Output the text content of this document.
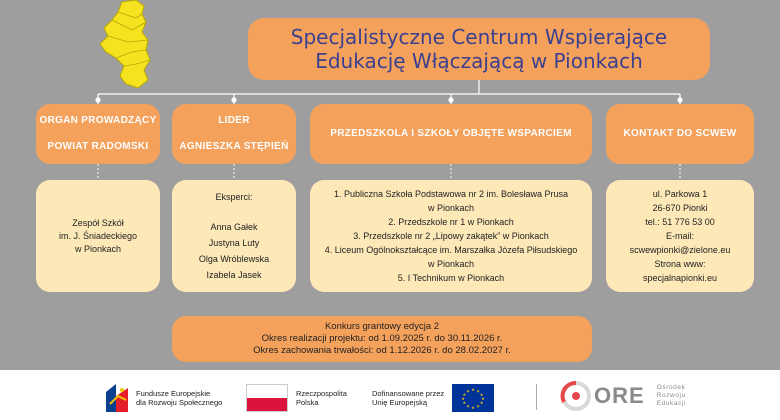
Specjalistyczne Centrum Wspierające
Edukację Włączającą w Pionkach
ORGAN PROWADZĄCY
POWIAT RADOMSKI
LIDER
AGNIESZKA STĘPIEŃ
PRZEDSZKOLA I SZKOŁY OBJĘTE WSPARCIEM	KONTAKT DO SCWEW
Zespół Szkół
im. J. Śniadeckiego
w Pionkach
Eksperci:
Anna Gałek
Justyna Luty
Olga Wróblewska
Izabela Jasek
1. Publiczna Szkoła Podstawowa nr 2 im. Bolesława Prusa
w Pionkach
2. Przedszkole nr 1 w Pionkach
3. Przedszkole nr 2 „Lipowy zakątek” w Pionkach
4. Liceum Ogólnokształcące im. Marszałka Józefa Piłsudskiego
w Pionkach
5. I Technikum w Pionkach
ul. Parkowa 1
26-670 Pionki
tel.: 51 776 53 00
E-mail:
scwewpionki@zielone.eu
Strona www:
specjalnapionki.eu
Konkurs grantowy edycja 2
Okres realizacji projektu: od 1.09.2025 r. do 30.11.2026 r.
Okres zachowania trwałości: od 1.12.2026 r. do 28.02.2027 r.
Fundusze Europejskie
dla Rozwoju Społecznego
Rzeczpospolita
Polska
Dofinansowane przez
Unię Europejską
★ ★
★
★
★
★
★
★
★
★
★
★	ORE Ośrodek
Rozwoju
Edukacji
